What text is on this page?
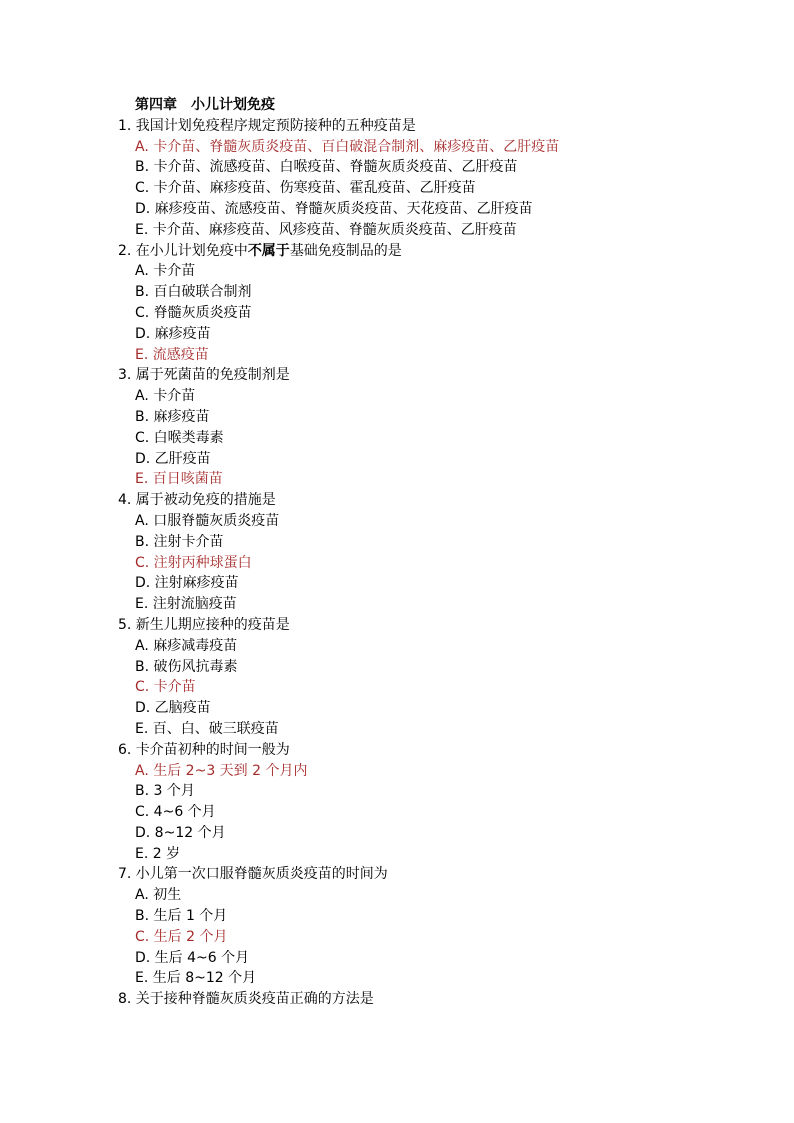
第四章　小儿计划免疫
1. 我国计划免疫程序规定预防接种的五种疫苗是
A. 卡介苗、脊髓灰质炎疫苗、百白破混合制剂、麻疹疫苗、乙肝疫苗
B. 卡介苗、流感疫苗、白喉疫苗、脊髓灰质炎疫苗、乙肝疫苗
C. 卡介苗、麻疹疫苗、伤寒疫苗、霍乱疫苗、乙肝疫苗
D. 麻疹疫苗、流感疫苗、脊髓灰质炎疫苗、天花疫苗、乙肝疫苗
E. 卡介苗、麻疹疫苗、风疹疫苗、脊髓灰质炎疫苗、乙肝疫苗
2. 在小儿计划免疫中不属于基础免疫制品的是
A. 卡介苗
B. 百白破联合制剂
C. 脊髓灰质炎疫苗
D. 麻疹疫苗
E. 流感疫苗
3. 属于死菌苗的免疫制剂是
A. 卡介苗
B. 麻疹疫苗
C. 白喉类毒素
D. 乙肝疫苗
E. 百日咳菌苗
4. 属于被动免疫的措施是
A. 口服脊髓灰质炎疫苗
B. 注射卡介苗
C. 注射丙种球蛋白
D. 注射麻疹疫苗
E. 注射流脑疫苗
5. 新生儿期应接种的疫苗是
A. 麻疹减毒疫苗
B. 破伤风抗毒素
C. 卡介苗
D. 乙脑疫苗
E. 百、白、破三联疫苗
6. 卡介苗初种的时间一般为
A. 生后 2~3 天到 2 个月内
B. 3 个月
C. 4~6 个月
D. 8~12 个月
E. 2 岁
7. 小儿第一次口服脊髓灰质炎疫苗的时间为
A. 初生
B. 生后 1 个月
C. 生后 2 个月
D. 生后 4~6 个月
E. 生后 8~12 个月
8. 关于接种脊髓灰质炎疫苗正确的方法是
